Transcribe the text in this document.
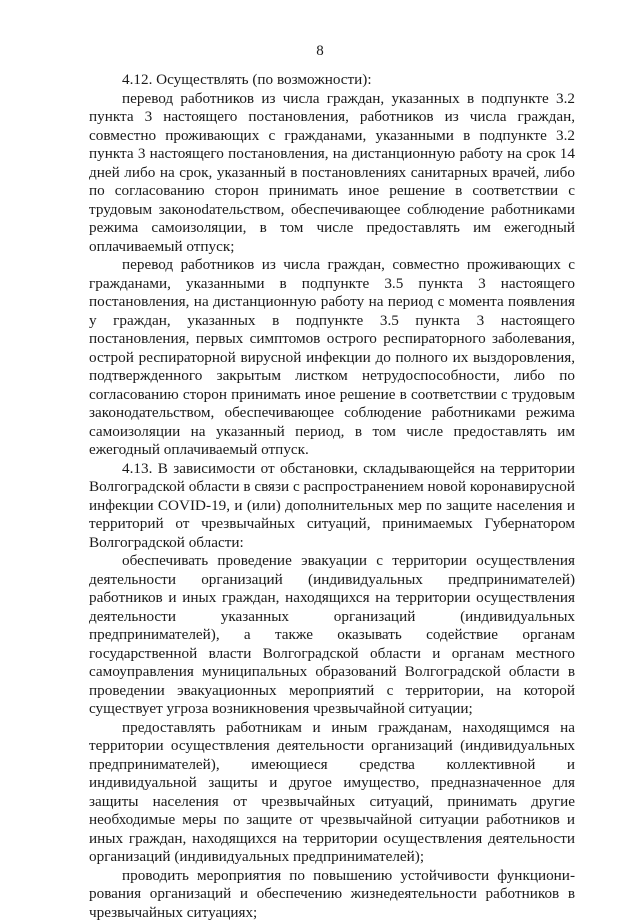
8

4.12. Осуществлять (по возможности):

перевод работников из числа граждан, указанных в подпункте 3.2 пункта 3 настоящего постановления, работников из числа граждан, совместно проживающих с гражданами, указанными в подпункте 3.2 пункта 3 настоящего постановления, на дистанционную работу на срок 14 дней либо на срок, указанный в постановлениях санитарных врачей, либо по согласованию сторон принимать иное решение в соответствии с трудовым законоdательством, обеспечивающее соблюдение работниками режима самоизоляции, в том числе предоставлять им ежегодный оплачиваемый отпуск;

перевод работников из числа граждан, совместно проживающих с гражданами, указанными в подпункте 3.5 пункта 3 настоящего постановления, на дистанционную работу на период с момента появления у граждан, указанных в подпункте 3.5 пункта 3 настоящего постановления, первых симптомов острого респираторного заболевания, острой респираторной вирусной инфекции до полного их выздоровления, подтвержденного закрытым листком нетрудоспособности, либо по согласованию сторон принимать иное решение в соответствии с трудовым законодательством, обеспечивающее соблюдение работниками режима самоизоляции на указанный период, в том числе предоставлять им ежегодный оплачиваемый отпуск.

4.13. В зависимости от обстановки, складывающейся на территории Волгоградской области в связи с распространением новой коронавирусной инфекции COVID-19, и (или) дополнительных мер по защите населения и территорий от чрезвычайных ситуаций, принимаемых Губернатором Волгоградской области:

обеспечивать проведение эвакуации с территории осуществления деятельности организаций (индивидуальных предпринимателей) работников и иных граждан, находящихся на территории осуществления деятельности указанных организаций (индивидуальных предпринимателей), а также оказывать содействие органам государственной власти Волгоградской области и органам местного самоуправления муниципальных образований Волгоградской области в проведении эвакуационных мероприятий с территории, на которой существует угроза возникновения чрезвычайной ситуации;

предоставлять работникам и иным гражданам, находящимся на территории осуществления деятельности организаций (индивидуальных предпринимателей), имеющиеся средства коллективной и индивидуальной защиты и другое имущество, предназначенное для защиты населения от чрезвычайных ситуаций, принимать другие необходимые меры по защите от чрезвычайной ситуации работников и иных граждан, находящихся на территории осуществления деятельности организаций (индивидуальных предпринимателей);

проводить мероприятия по повышению устойчивости функционирования организаций и обеспечению жизнедеятельности работников в чрезвычайных ситуациях;
